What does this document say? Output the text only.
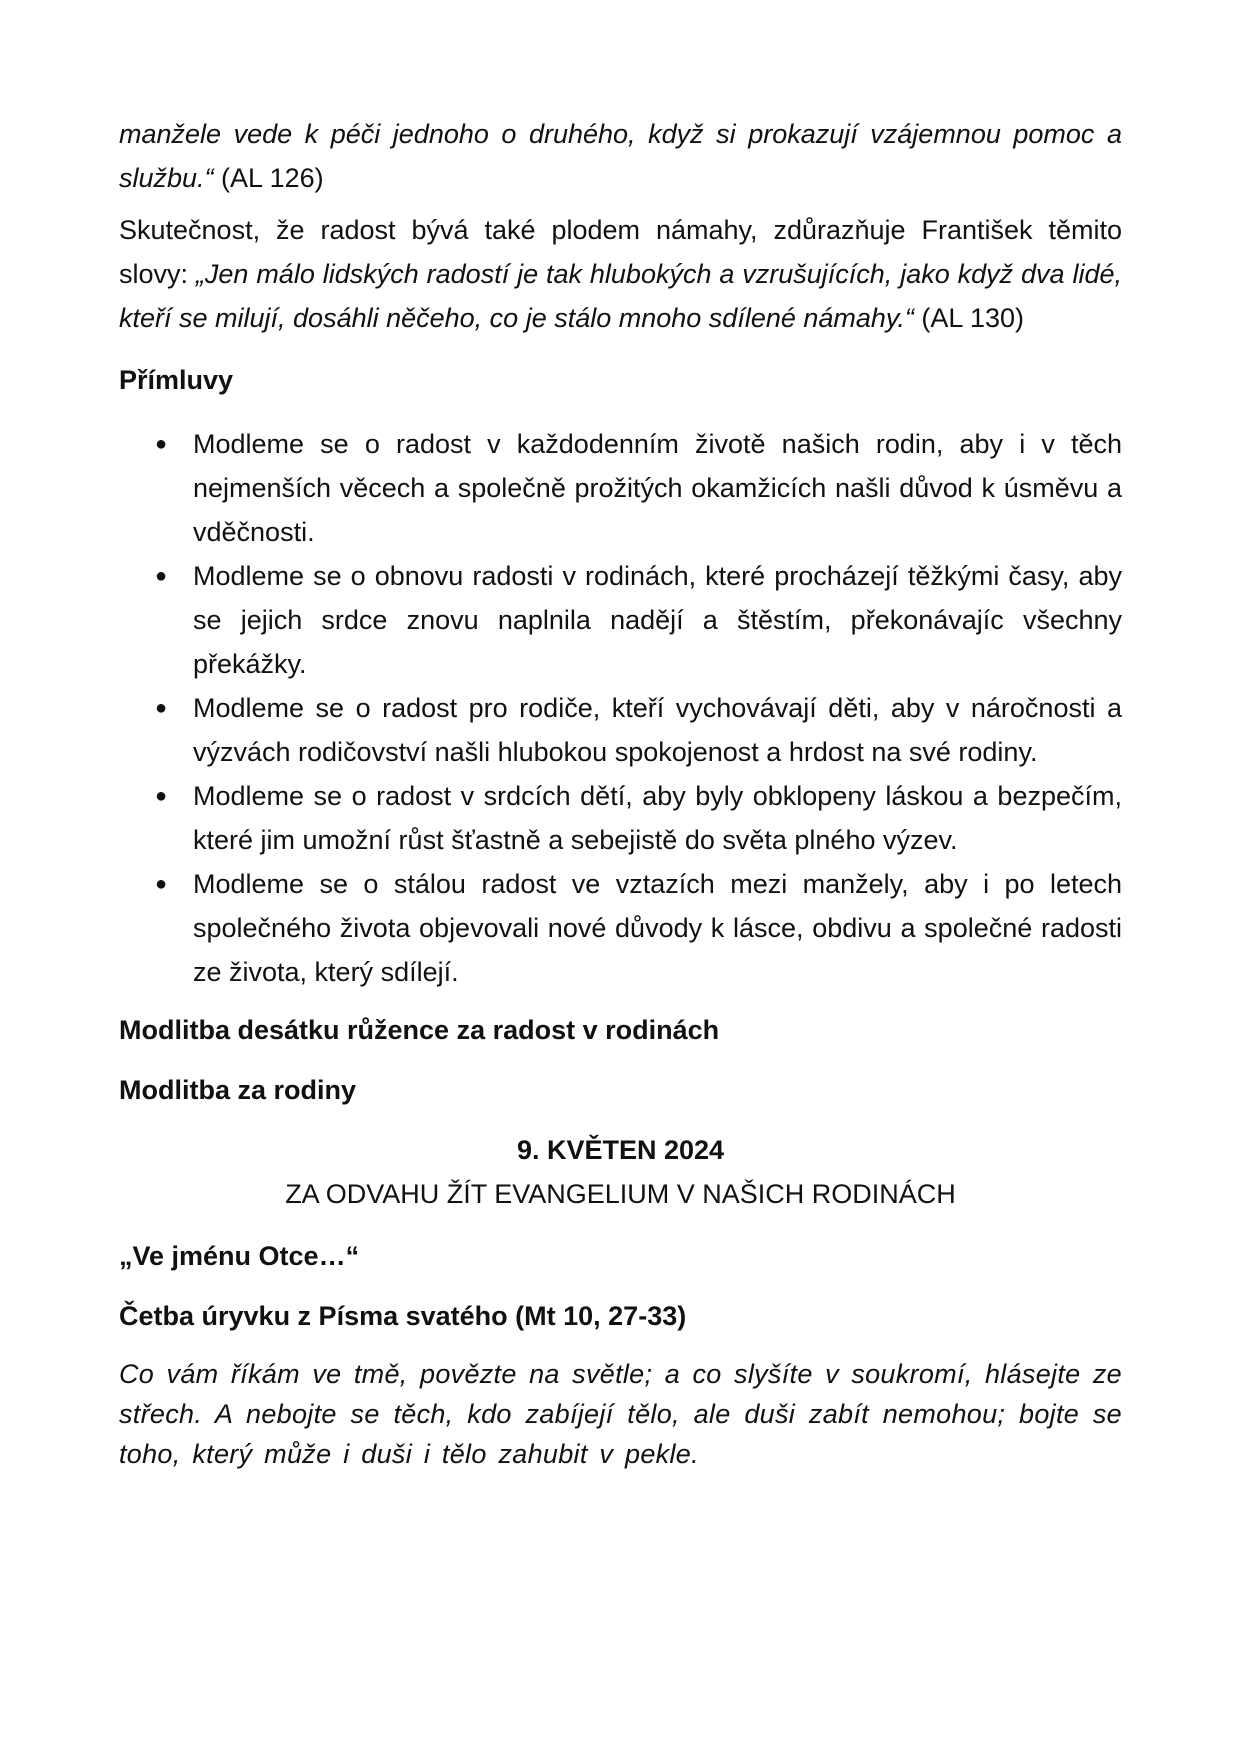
manžele vede k péči jednoho o druhého, když si prokazují vzájemnou pomoc a službu.“ (AL 126)

Skutečnost, že radost bývá také plodem námahy, zdůrazňuje František těmito slovy: „Jen málo lidských radostí je tak hlubokých a vzrušujících, jako když dva lidé, kteří se milují, dosáhli něčeho, co je stálo mnoho sdílené námahy.“ (AL 130)

Přímluvy

● Modleme se o radost v každodenním životě našich rodin, aby i v těch nejmenších věcech a společně prožitých okamžicích našli důvod k úsměvu a vděčnosti.
● Modleme se o obnovu radosti v rodinách, které procházejí těžkými časy, aby se jejich srdce znovu naplnila nadějí a štěstím, překonávajíc všechny překážky.
● Modleme se o radost pro rodiče, kteří vychovávají děti, aby v náročnosti a výzvách rodičovství našli hlubokou spokojenost a hrdost na své rodiny.
● Modleme se o radost v srdcích dětí, aby byly obklopeny láskou a bezpečím, které jim umožní růst šťastně a sebejistě do světa plného výzev.
● Modleme se o stálou radost ve vztazích mezi manžely, aby i po letech společného života objevovali nové důvody k lásce, obdivu a společné radosti ze života, který sdílejí.

Modlitba desátku růžence za radost v rodinách

Modlitba za rodiny

9. KVĚTEN 2024

ZA ODVAHU ŽÍT EVANGELIUM V NAŠICH RODINÁCH

„Ve jménu Otce…“

Četba úryvku z Písma svatého (Mt 10, 27-33)

Co vám říkám ve tmě, povězte na světle; a co slyšíte v soukromí, hlásejte ze střech. A nebojte se těch, kdo zabíjejí tělo, ale duši zabít nemohou; bojte se toho, který může i duši i tělo zahubit v pekle.
